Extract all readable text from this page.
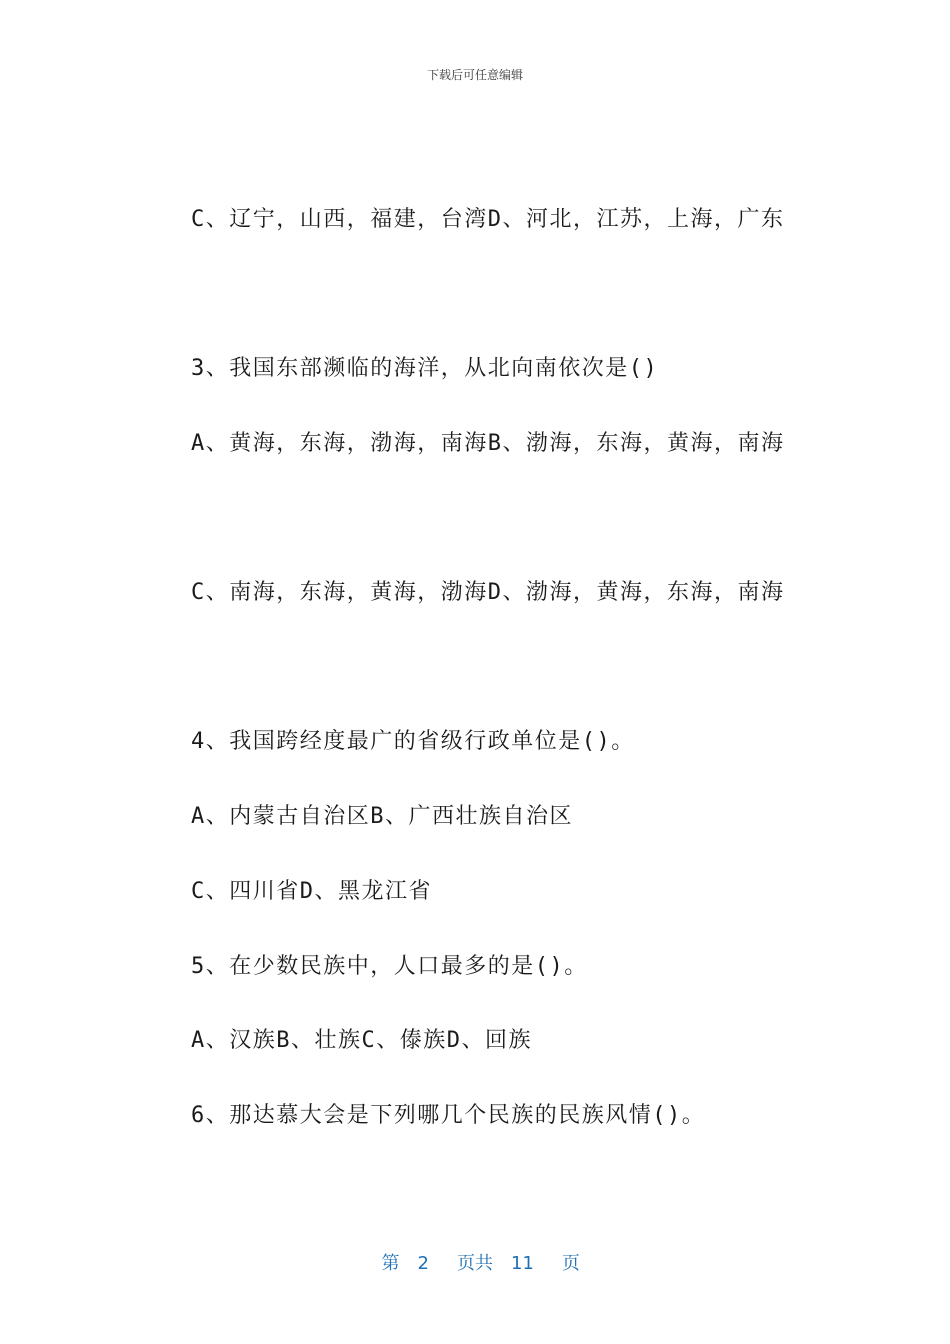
下载后可任意编辑
C、辽宁，山西，福建，台湾D、河北，江苏，上海，广东
3、我国东部濒临的海洋，从北向南依次是()
A、黄海，东海，渤海，南海B、渤海，东海，黄海，南海
C、南海，东海，黄海，渤海D、渤海，黄海，东海，南海
4、我国跨经度最广的省级行政单位是()。
A、内蒙古自治区B、广西壮族自治区
C、四川省D、黑龙江省
5、在少数民族中，人口最多的是()。
A、汉族B、壮族C、傣族D、回族
6、那达慕大会是下列哪几个民族的民族风情()。

第 2 页共 11 页
